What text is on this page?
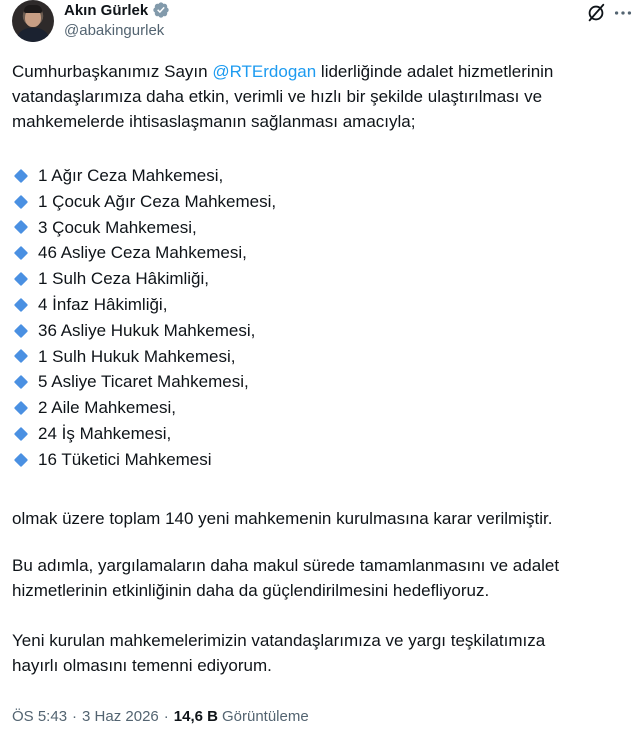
Akın Gürlek
@abakingurlek

Cumhurbaşkanımız Sayın @RTErdogan liderliğinde adalet hizmetlerinin
vatandaşlarımıza daha etkin, verimli ve hızlı bir şekilde ulaştırılması ve
mahkemelerde ihtisaslaşmanın sağlanması amacıyla;

1 Ağır Ceza Mahkemesi,
1 Çocuk Ağır Ceza Mahkemesi,
3 Çocuk Mahkemesi,
46 Asliye Ceza Mahkemesi,
1 Sulh Ceza Hâkimliği,
4 İnfaz Hâkimliği,
36 Asliye Hukuk Mahkemesi,
1 Sulh Hukuk Mahkemesi,
5 Asliye Ticaret Mahkemesi,
2 Aile Mahkemesi,
24 İş Mahkemesi,
16 Tüketici Mahkemesi

olmak üzere toplam 140 yeni mahkemenin kurulmasına karar verilmiştir.

Bu adımla, yargılamaların daha makul sürede tamamlanmasını ve adalet
hizmetlerinin etkinliğinin daha da güçlendirilmesini hedefliyoruz.

Yeni kurulan mahkemelerimizin vatandaşlarımıza ve yargı teşkilatımıza
hayırlı olmasını temenni ediyorum.

ÖS 5:43 · 3 Haz 2026 · 14,6 B Görüntüleme
